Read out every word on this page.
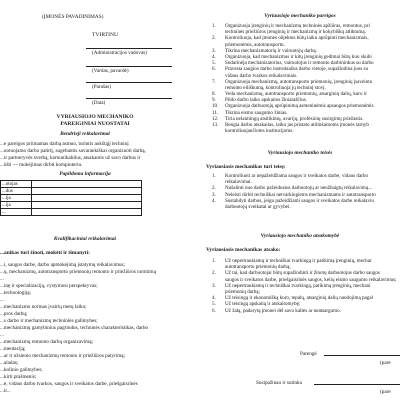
(ĮMONĖS PAVADINIMAS)
TVIRTINU
(Administracijos vadovas)
(Vardas, pavardė)
(Parašas)
(Data)
VYRIAUSIOJO MECHANIKO
PAREIGINIAI NUOSTATAI
Bendrieji reikalavimai
...e pareigos priimamas darbą asmuo, turintis aukštąjį techninį
...uotuojamo darbo patirtį, sugebantis savarankiškai organizuoti darbą,
...ir partneryvės sverbą, komunikabilus, atsakantis už savo darbus ir
...ūšti — mokėjimas dirbti kompiuteriu.
Papildoma informacija
...otojas	
...dus	
...ija	
...ija	
...	
Kvalifikaciniai reikalavimai
...anikas turi žinoti, mokėti ir išmanyti:
...i, saugos darbe, darbo apmokėjimą įstatymų reikalavimus;
...ų, mechanizmų, autotransporto priemonių remonto ir priežiūros normimą
...
...inę ir specializaciją, vystymosi perspektyvas;
...technologiją;
...
...mechanizmo normas įvairių metų laiku;
...pros darbų;
...s darbo ir mechanizmų techniniės galimybes;
...mechanizmų gamybinius pagrindus, techninės charakteristikas, darbo
...
...mechanizmų remonto darbų organizavimą;
...mentaciją;
...ar ir užsienio mechanizmų remonto ir priežiūros patyrimą;
...aladas;
...kolinio galimybes;
...kirti prašmenis;
...e, vidaus darbo tvarkos, saugos ir sveikatos darbe, priešgaisrinės
...ir...
Vyriausiojo mechaniko pareigos
1. Organizuoja įrenginių ir mechanizmų techninės apžiūras, remontus, pri
techninės priežiūros įrenginių ir mechanizmų ir kokybiškų atliktumą.
2. Kontroliuoja, kad įmonės objektus būtų laiku aprūpinti mechanizmais,
priemonėmis, autotransportu.
3. Tikrina mechanizmatorių ir vairuotojų darbą.
4. Organizuoja, kad mechanizmus ir kitų įrenginių gedimai būtų kuo skubi
5. Sudarinėja mechanizatorius, vairuotojus ir remonto darbininkus su darbo
6. Pravesta saugios darbo instruktažus darbo vietoje, supažindina juos su
vidaus darbo tvarkos reikalavimais.
7. Organizuoja mechanizmų, autotransporto priemonių, įrenginių įsaveintu
remonto eiliškumą, kontroliuoja jų techninį stovį.
8. Veda mechanizmų, autotransporto priemonių, atsarginių dalių, kuro ir
9. Pildo darbo laiko apskaitos žiniaraščius.
10. Organizuoja darbuotojų aprūpinimą asmeninėmis apsaugos priemonėmis
11. Tikrina eismo saugumo žinias.
12. Tiria nelaimingų atsitikimų, avarijų, profesinių susirgimų priežastis.
13. Rengia darbo atsakaitas, laiku jas pristato atitinkamoms įmonės tarnyb
kontroliuojančioms institucijoms.
Vyriausiojo mechaniko teisės
Vyriausiasis mechanikas turi teisę:
1. Kontroliuoti ar nepažeidžiama saugos ir sveikatos darbe, vidaus darbo
reikalavimai.
2. Nušalinti nuo darbo pažeidusius darbuotojų ar neužbaigtų reikalavimų...
3. Neleisti dirbti techniškai netvarkingiems mechanizmams ir autotransporto
4. Sustabdyti darbus, jeigu pažeidžiami saugos ir sveikatos darbe reikalaviu
darbuotojų sveikatai ar gyvybei.
Vyriausiojo mechaniko atsakomybė
Vyriausiasis mechanikas atsako:
1. Už nepertraukiamų ir techniškai tvarkingą ir patikimą įrenginių, mechar
autotransporto priemonių darbą;
2. Už tai, kad darbuotojai būtų supažindinti ir žinotų darbuotojus darbo saugos
saugos ir sveikatos darbe, priešgaisrinės saugos, kelių eismo saugumo reikalavimus;
3. Už nepertraukiamą ir techniškai tvarkingą, patikimą įrenginių, mechani
priemonių darbą;
4. Už teisingą ir ekonomišką kuro, tepalų, atsarginių dalių naudojimą pagal
5. Už teisingą apskaitą ir atskaitomybę;
6. Už žalą, padarytą įmonei dėl savo kaltės ar neatsargumo.
Parengė
(pare
Susipažinau ir sutinku
(pare
